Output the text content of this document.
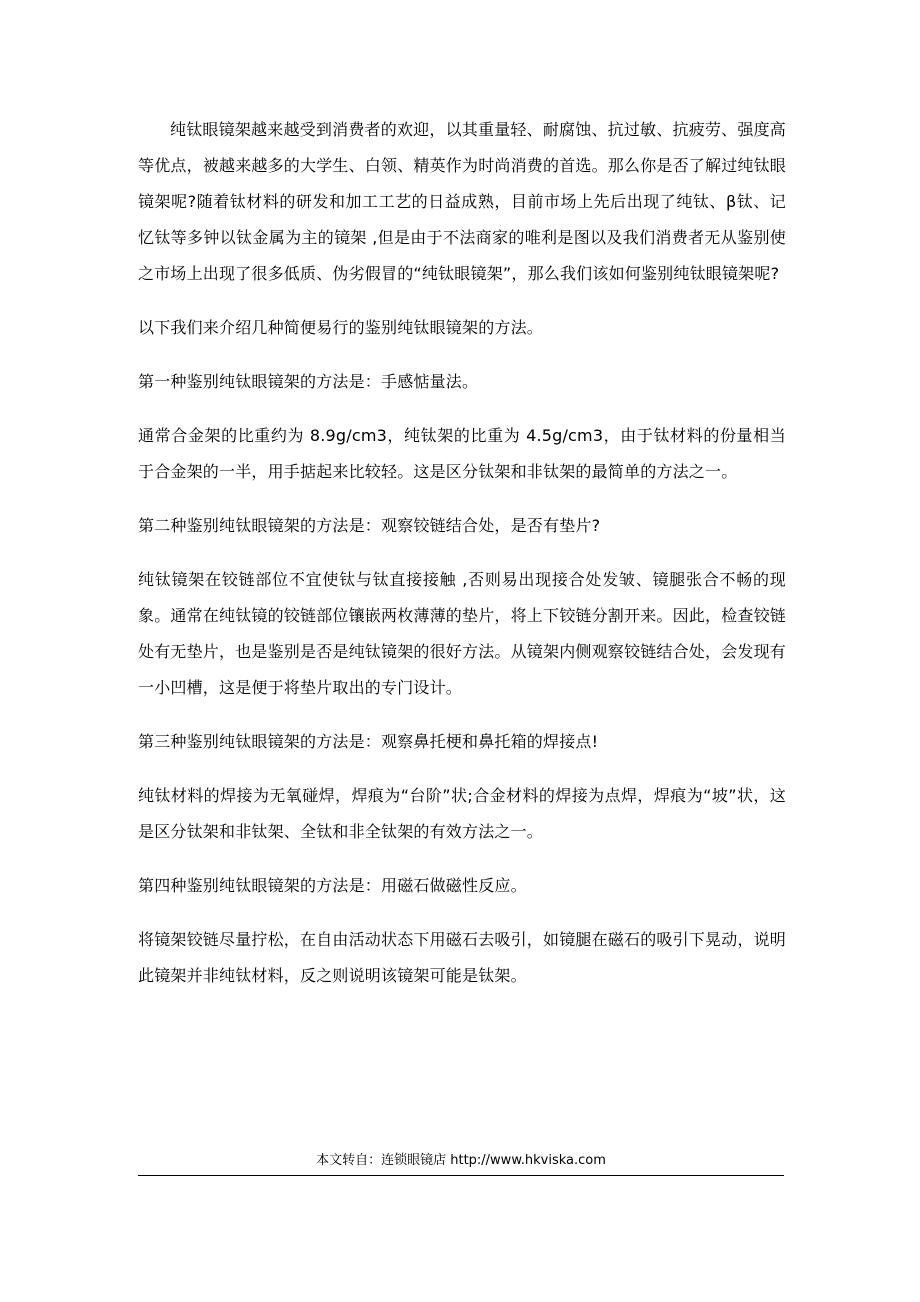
纯钛眼镜架越来越受到消费者的欢迎，以其重量轻、耐腐蚀、抗过敏、抗疲劳、强度高等优点，被越来越多的大学生、白领、精英作为时尚消费的首选。那么你是否了解过纯钛眼镜架呢?随着钛材料的研发和加工工艺的日益成熟，目前市场上先后出现了纯钛、β钛、记忆钛等多钟以钛金属为主的镜架 ,但是由于不法商家的唯利是图以及我们消费者无从鉴别使之市场上出现了很多低质、伪劣假冒的“纯钛眼镜架”，那么我们该如何鉴别纯钛眼镜架呢?

以下我们来介绍几种简便易行的鉴别纯钛眼镜架的方法。

第一种鉴别纯钛眼镜架的方法是：手感惦量法。

通常合金架的比重约为 8.9g/cm3，纯钛架的比重为 4.5g/cm3，由于钛材料的份量相当于合金架的一半，用手掂起来比较轻。这是区分钛架和非钛架的最简单的方法之一。

第二种鉴别纯钛眼镜架的方法是：观察铰链结合处，是否有垫片?

纯钛镜架在铰链部位不宜使钛与钛直接接触 ,否则易出现接合处发皱、镜腿张合不畅的现象。通常在纯钛镜的铰链部位镶嵌两枚薄薄的垫片，将上下铰链分割开来。因此，检查铰链处有无垫片，也是鉴别是否是纯钛镜架的很好方法。从镜架内侧观察铰链结合处，会发现有一小凹槽，这是便于将垫片取出的专门设计。

第三种鉴别纯钛眼镜架的方法是：观察鼻托梗和鼻托箱的焊接点!

纯钛材料的焊接为无氧碰焊，焊痕为“台阶”状;合金材料的焊接为点焊，焊痕为“坡”状，这是区分钛架和非钛架、全钛和非全钛架的有效方法之一。

第四种鉴别纯钛眼镜架的方法是：用磁石做磁性反应。

将镜架铰链尽量拧松，在自由活动状态下用磁石去吸引，如镜腿在磁石的吸引下晃动，说明此镜架并非纯钛材料，反之则说明该镜架可能是钛架。

本文转自：连锁眼镜店 http://www.hkviska.com
